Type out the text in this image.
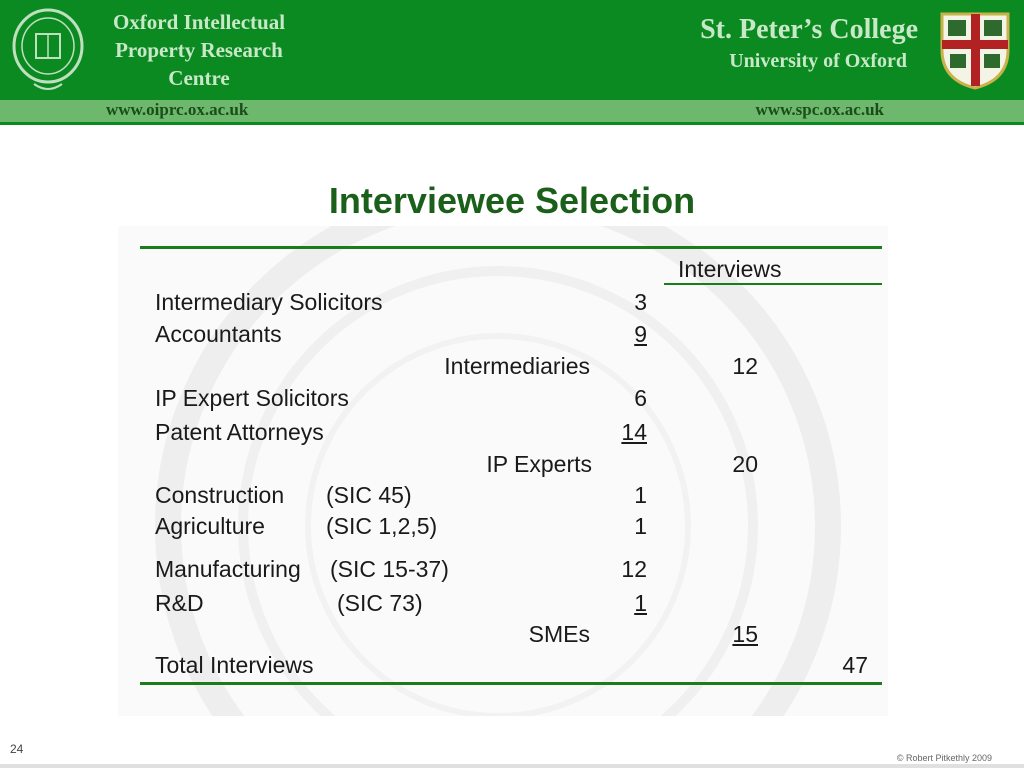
Oxford Intellectual Property Research Centre
www.oiprc.ox.ac.uk
St. Peter’s College
University of Oxford
www.spc.ox.ac.uk
Interviewee Selection
Interviews
Intermediary Solicitors	3
Accountants	9
Intermediaries	12
IP Expert Solicitors	6
Patent Attorneys	14
IP Experts	20
Construction (SIC 45)	1
Agriculture	(SIC 1,2,5)	1
Manufacturing (SIC 15-37)	12
R&D	(SIC 73)	1
SMEs	15
Total Interviews	47
24
© Robert Pitkethly 2009
